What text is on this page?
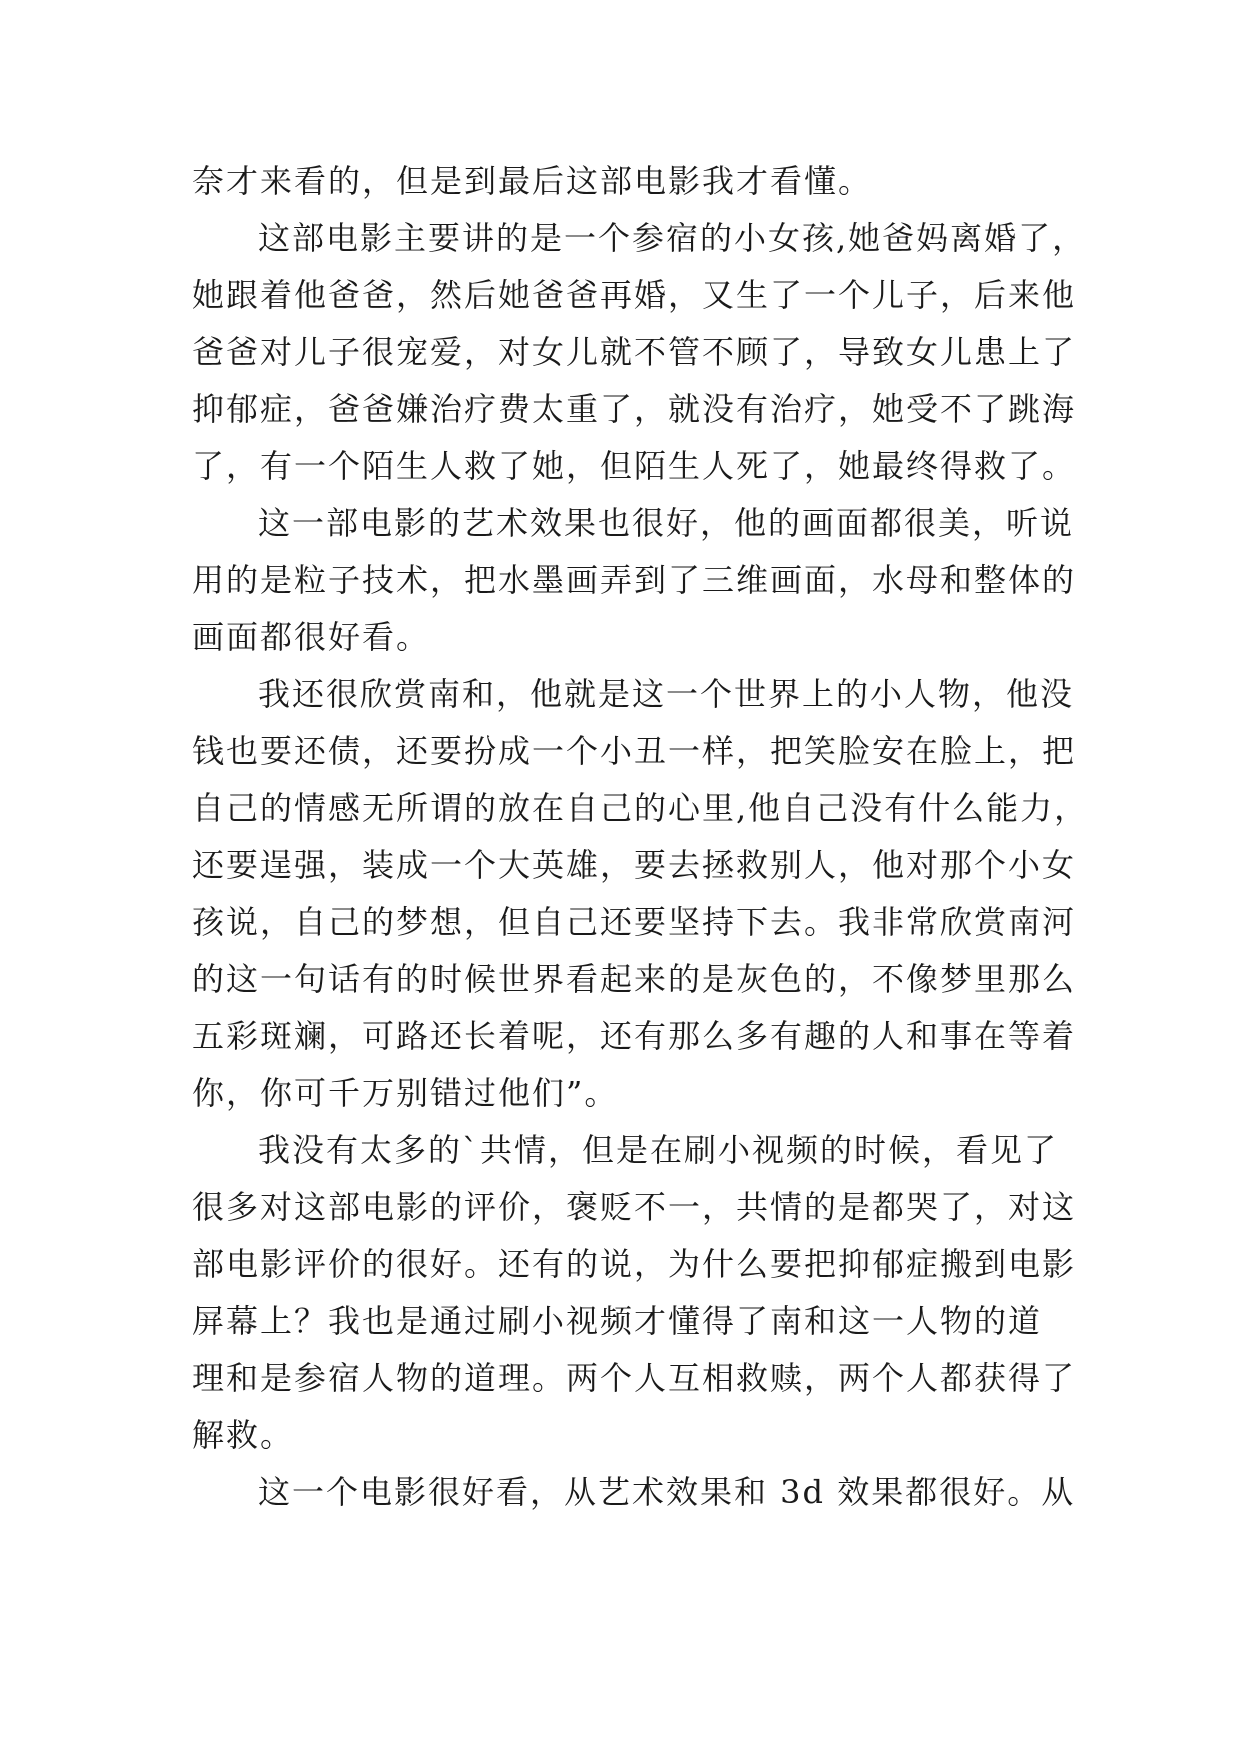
奈才来看的，但是到最后这部电影我才看懂。
这部电影主要讲的是一个参宿的小女孩,她爸妈离婚了，
她跟着他爸爸，然后她爸爸再婚，又生了一个儿子，后来他
爸爸对儿子很宠爱，对女儿就不管不顾了，导致女儿患上了
抑郁症，爸爸嫌治疗费太重了，就没有治疗，她受不了跳海
了，有一个陌生人救了她，但陌生人死了，她最终得救了。
这一部电影的艺术效果也很好，他的画面都很美，听说
用的是粒子技术，把水墨画弄到了三维画面，水母和整体的
画面都很好看。
我还很欣赏南和，他就是这一个世界上的小人物，他没
钱也要还债，还要扮成一个小丑一样，把笑脸安在脸上，把
自己的情感无所谓的放在自己的心里,他自己没有什么能力，
还要逞强，装成一个大英雄，要去拯救别人，他对那个小女
孩说，自己的梦想，但自己还要坚持下去。我非常欣赏南河
的这一句话有的时候世界看起来的是灰色的，不像梦里那么
五彩斑斓，可路还长着呢，还有那么多有趣的人和事在等着
你，你可千万别错过他们”。
我没有太多的`共情，但是在刷小视频的时候，看见了
很多对这部电影的评价，褒贬不一，共情的是都哭了，对这
部电影评价的很好。还有的说，为什么要把抑郁症搬到电影
屏幕上？我也是通过刷小视频才懂得了南和这一人物的道
理和是参宿人物的道理。两个人互相救赎，两个人都获得了
解救。
这一个电影很好看，从艺术效果和 3d 效果都很好。从
